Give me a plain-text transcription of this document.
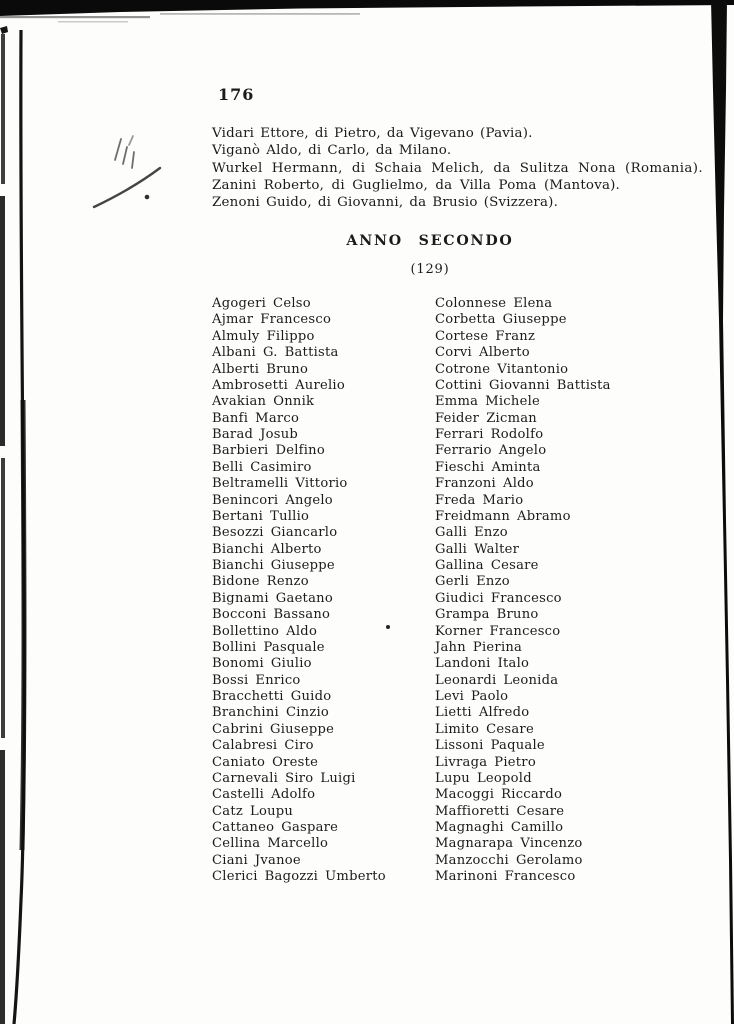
176
Vidari Ettore, di Pietro, da Vigevano (Pavia).
Viganò Aldo, di Carlo, da Milano.
Wurkel Hermann, di Schaia Melich, da Sulitza Nona (Romania).
Zanini Roberto, di Guglielmo, da Villa Poma (Mantova).
Zenoni Guido, di Giovanni, da Brusio (Svizzera).
ANNO SECONDO
(129)
Agogeri Celso
Ajmar Francesco
Almuly Filippo
Albani G. Battista
Alberti Bruno
Ambrosetti Aurelio
Avakian Onnik
Banfi Marco
Barad Josub
Barbieri Delfino
Belli Casimiro
Beltramelli Vittorio
Benincori Angelo
Bertani Tullio
Besozzi Giancarlo
Bianchi Alberto
Bianchi Giuseppe
Bidone Renzo
Bignami Gaetano
Bocconi Bassano
Bollettino Aldo
Bollini Pasquale
Bonomi Giulio
Bossi Enrico
Bracchetti Guido
Branchini Cinzio
Cabrini Giuseppe
Calabresi Ciro
Caniato Oreste
Carnevali Siro Luigi
Castelli Adolfo
Catz Loupu
Cattaneo Gaspare
Cellina Marcello
Ciani Jvanoe
Clerici Bagozzi Umberto
Colonnese Elena
Corbetta Giuseppe
Cortese Franz
Corvi Alberto
Cotrone Vitantonio
Cottini Giovanni Battista
Emma Michele
Feider Zicman
Ferrari Rodolfo
Ferrario Angelo
Fieschi Aminta
Franzoni Aldo
Freda Mario
Freidmann Abramo
Galli Enzo
Galli Walter
Gallina Cesare
Gerli Enzo
Giudici Francesco
Grampa Bruno
Korner Francesco
Jahn Pierina
Landoni Italo
Leonardi Leonida
Levi Paolo
Lietti Alfredo
Limito Cesare
Lissoni Paquale
Livraga Pietro
Lupu Leopold
Macoggi Riccardo
Maffioretti Cesare
Magnaghi Camillo
Magnarapa Vincenzo
Manzocchi Gerolamo
Marinoni Francesco
